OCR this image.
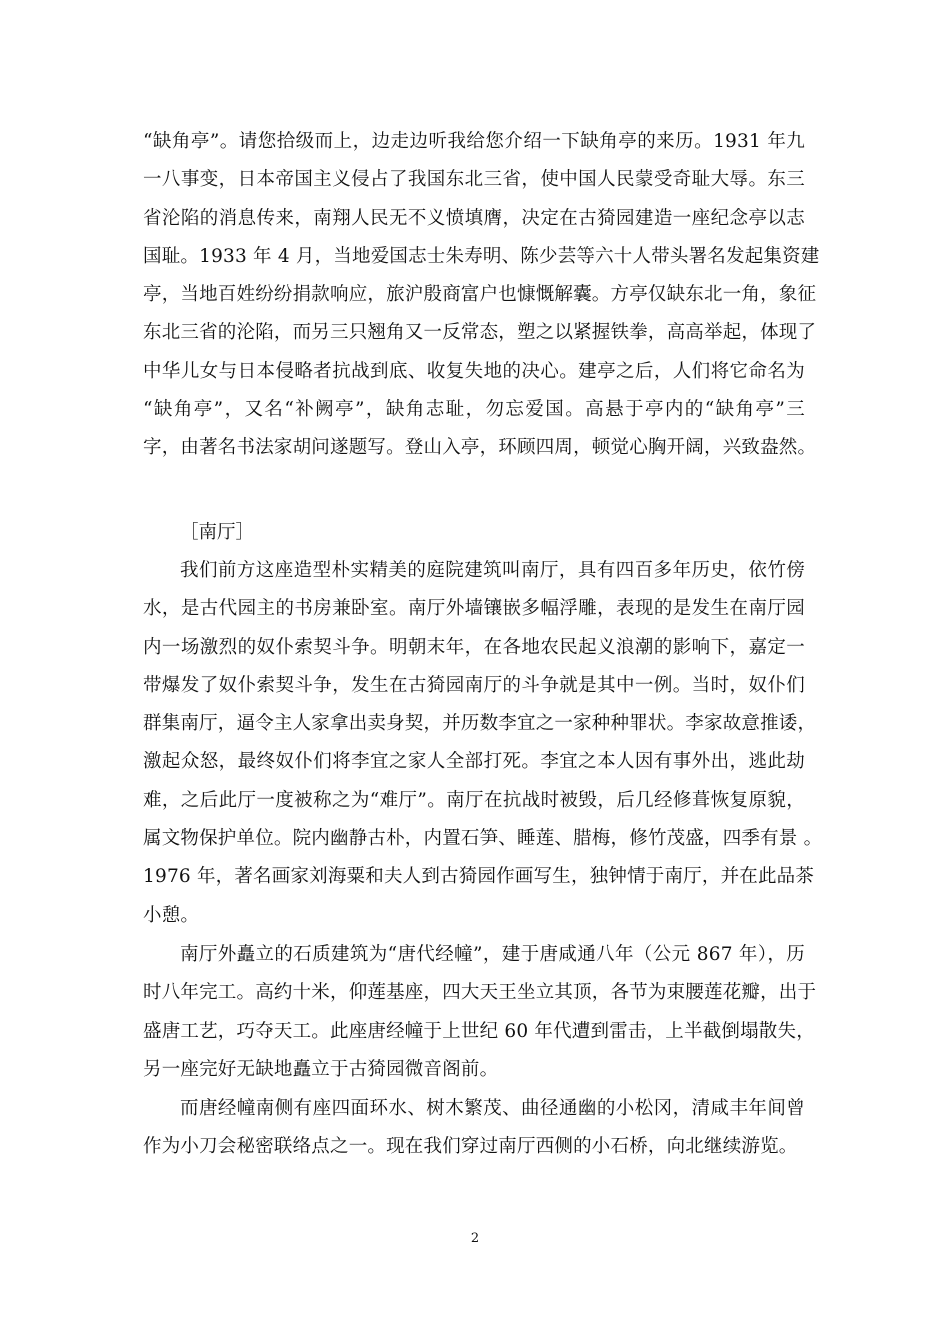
“缺角亭”。请您拾级而上，边走边听我给您介绍一下缺角亭的来历。1931 年九
一八事变，日本帝国主义侵占了我国东北三省，使中国人民蒙受奇耻大辱。东三
省沦陷的消息传来，南翔人民无不义愤填膺，决定在古猗园建造一座纪念亭以志
国耻。1933 年 4 月，当地爱国志士朱寿明、陈少芸等六十人带头署名发起集资建
亭，当地百姓纷纷捐款响应，旅沪殷商富户也慷慨解囊。方亭仅缺东北一角，象征
东北三省的沦陷，而另三只翘角又一反常态，塑之以紧握铁拳，高高举起，体现了
中华儿女与日本侵略者抗战到底、收复失地的决心。建亭之后，人们将它命名为
“缺角亭”，又名“补阙亭”，缺角志耻，勿忘爱国。高悬于亭内的“缺角亭”三
字，由著名书法家胡问遂题写。登山入亭，环顾四周，顿觉心胸开阔，兴致盎然。
［南厅］
我们前方这座造型朴实精美的庭院建筑叫南厅，具有四百多年历史，依竹傍
水，是古代园主的书房兼卧室。南厅外墙镶嵌多幅浮雕，表现的是发生在南厅园
内一场激烈的奴仆索契斗争。明朝末年，在各地农民起义浪潮的影响下，嘉定一
带爆发了奴仆索契斗争，发生在古猗园南厅的斗争就是其中一例。当时，奴仆们
群集南厅，逼令主人家拿出卖身契，并历数李宜之一家种种罪状。李家故意推诿，
激起众怒，最终奴仆们将李宜之家人全部打死。李宜之本人因有事外出，逃此劫
难，之后此厅一度被称之为“难厅”。南厅在抗战时被毁，后几经修葺恢复原貌，
属文物保护单位。院内幽静古朴，内置石笋、睡莲、腊梅，修竹茂盛，四季有景 。
1976 年，著名画家刘海粟和夫人到古猗园作画写生，独钟情于南厅，并在此品茶
小憩。
南厅外矗立的石质建筑为“唐代经幢”，建于唐咸通八年（公元 867 年），历
时八年完工。高约十米，仰莲基座，四大天王坐立其顶，各节为束腰莲花瓣，出于
盛唐工艺，巧夺天工。此座唐经幢于上世纪 60 年代遭到雷击，上半截倒塌散失，
另一座完好无缺地矗立于古猗园微音阁前。
而唐经幢南侧有座四面环水、树木繁茂、曲径通幽的小松冈，清咸丰年间曾
作为小刀会秘密联络点之一。现在我们穿过南厅西侧的小石桥，向北继续游览。
2
